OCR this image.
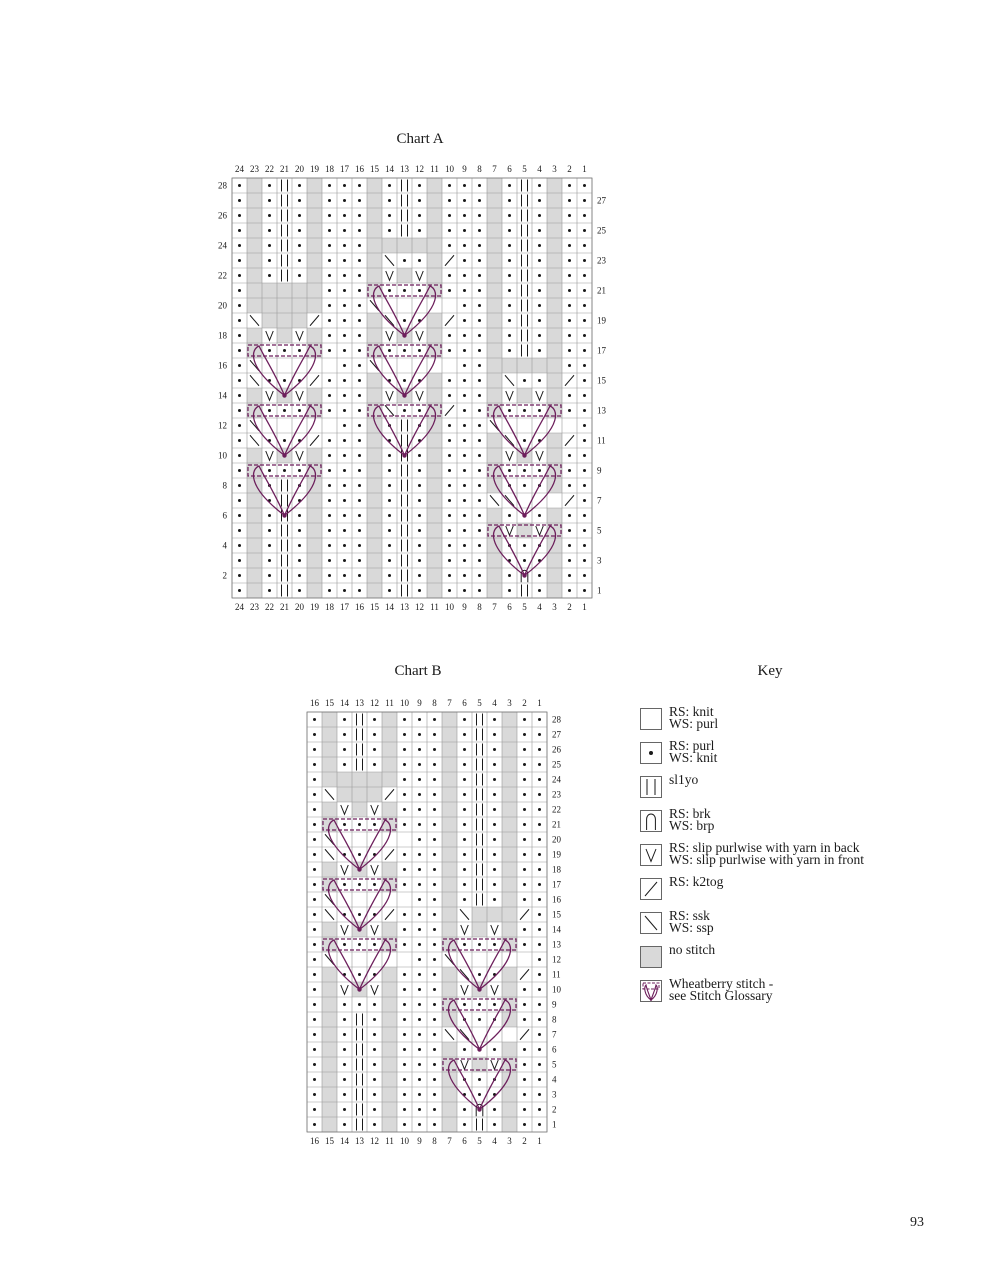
Chart A
24
24
23
23
22
22
21
21
20
20
19
19
18
18
17
17
16
16
15
15
14
14
13
13
12
12
11
11
10
10
9
9
8
8
7
7
6
6
5
5
4
4
3
3
2
2
1
1
1
2
3
4
5
6
7
8
9
10
11
12
13
14
15
16
17
18
19
20
21
22
23
24
25
26
27
28
Chart B
16
16
15
15
14
14
13
13
12
12
11
11
10
10
9
9
8
8
7
7
6
6
5
5
4
4
3
3
2
2
1
1
1
2
3
4
5
6
7
8
9
10
11
12
13
14
15
16
17
18
19
20
21
22
23
24
25
26
27
28
Key
RS: knit
WS: purl
RS: purl
WS: knit
sl1yo
RS: brk
WS: brp
RS: slip purlwise with yarn in back
WS: slip purlwise with yarn in front
RS: k2tog
RS: ssk
WS: ssp
no stitch
Wheatberry stitch -
see Stitch Glossary
93
